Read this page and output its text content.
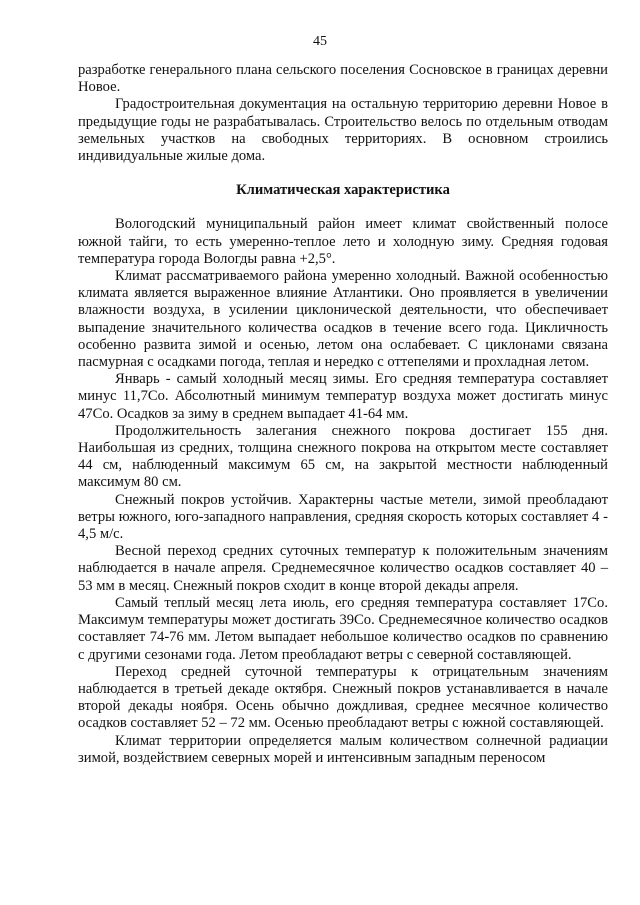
45

разработке генерального плана сельского поселения Сосновское в границах деревни Новое.

Градостроительная документация на остальную территорию деревни Новое в предыдущие годы не разрабатывалась. Строительство велось по отдельным отводам земельных участков на свободных территориях. В основном строились индивидуальные жилые дома.

Климатическая характеристика

Вологодский муниципальный район имеет климат свойственный полосе южной тайги, то есть умеренно-теплое лето и холодную зиму. Средняя годовая температура города Вологды равна +2,5°.

Климат рассматриваемого района умеренно холодный. Важной особенностью климата является выраженное влияние Атлантики. Оно проявляется в увеличении влажности воздуха, в усилении циклонической деятельности, что обеспечивает выпадение значительного количества осадков в течение всего года. Цикличность особенно развита зимой и осенью, летом она ослабевает. С циклонами связана пасмурная с осадками погода, теплая и нередко с оттепелями и прохладная летом.

Январь - самый холодный месяц зимы. Его средняя температура составляет минус 11,7Со. Абсолютный минимум температур воздуха может достигать минус 47Со. Осадков за зиму в среднем выпадает 41-64 мм.

Продолжительность залегания снежного покрова достигает 155 дня. Наибольшая из средних, толщина снежного покрова на открытом месте составляет 44 см, наблюденный максимум 65 см, на закрытой местности наблюденный максимум 80 см.

Снежный покров устойчив. Характерны частые метели, зимой преобладают ветры южного, юго-западного направления, средняя скорость которых составляет 4 - 4,5 м/с.

Весной переход средних суточных температур к положительным значениям наблюдается в начале апреля. Среднемесячное количество осадков составляет 40 – 53 мм в месяц. Снежный покров сходит в конце второй декады апреля.

Самый теплый месяц лета июль, его средняя температура составляет 17Со. Максимум температуры может достигать 39Со. Среднемесячное количество осадков составляет 74-76 мм. Летом выпадает небольшое количество осадков по сравнению с другими сезонами года. Летом преобладают ветры с северной составляющей.

Переход средней суточной температуры к отрицательным значениям наблюдается в третьей декаде октября. Снежный покров устанавливается в начале второй декады ноября. Осень обычно дождливая, среднее месячное количество осадков составляет 52 – 72 мм. Осенью преобладают ветры с южной составляющей.

Климат территории определяется малым количеством солнечной радиации зимой, воздействием северных морей и интенсивным западным переносом
